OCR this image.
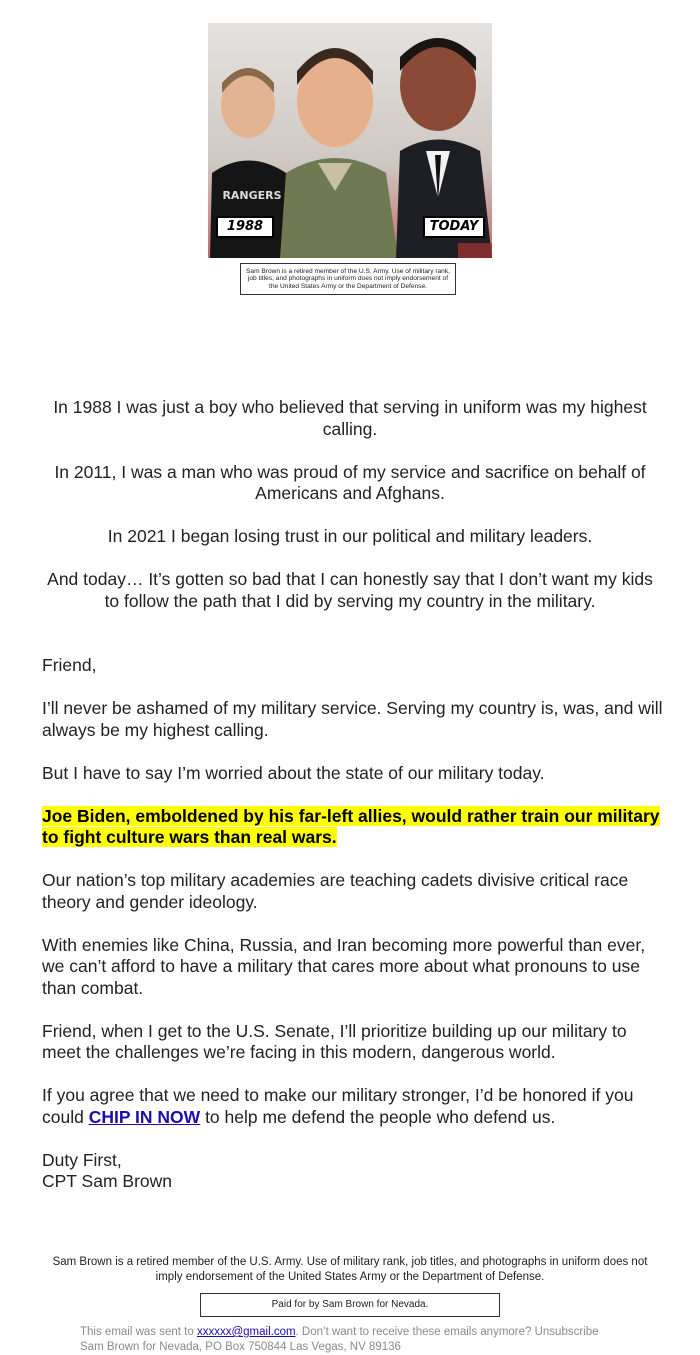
RANGERS
1988	TODAY
Sam Brown is a retired member of the U.S. Army. Use of military rank, job titles, and photographs in uniform does not imply endorsement of the United States Army or the Department of Defense.

In 1988 I was just a boy who believed that serving in uniform was my highest calling.

In 2011, I was a man who was proud of my service and sacrifice on behalf of Americans and Afghans.

In 2021 I began losing trust in our political and military leaders.

And today… It’s gotten so bad that I can honestly say that I don’t want my kids to follow the path that I did by serving my country in the military.

Friend,

I’ll never be ashamed of my military service. Serving my country is, was, and will always be my highest calling.

But I have to say I’m worried about the state of our military today.

Joe Biden, emboldened by his far-left allies, would rather train our military to fight culture wars than real wars.

Our nation’s top military academies are teaching cadets divisive critical race theory and gender ideology.

With enemies like China, Russia, and Iran becoming more powerful than ever, we can’t afford to have a military that cares more about what pronouns to use than combat.

Friend, when I get to the U.S. Senate, I’ll prioritize building up our military to meet the challenges we’re facing in this modern, dangerous world.

If you agree that we need to make our military stronger, I’d be honored if you could CHIP IN NOW to help me defend the people who defend us.

Duty First,

CPT Sam Brown

Sam Brown is a retired member of the U.S. Army. Use of military rank, job titles, and photographs in uniform does not imply endorsement of the United States Army or the Department of Defense.
Paid for by Sam Brown for Nevada.
This email was sent to xxxxxx@gmail.com. Don’t want to receive these emails anymore? Unsubscribe
Sam Brown for Nevada, PO Box 750844 Las Vegas, NV 89136
